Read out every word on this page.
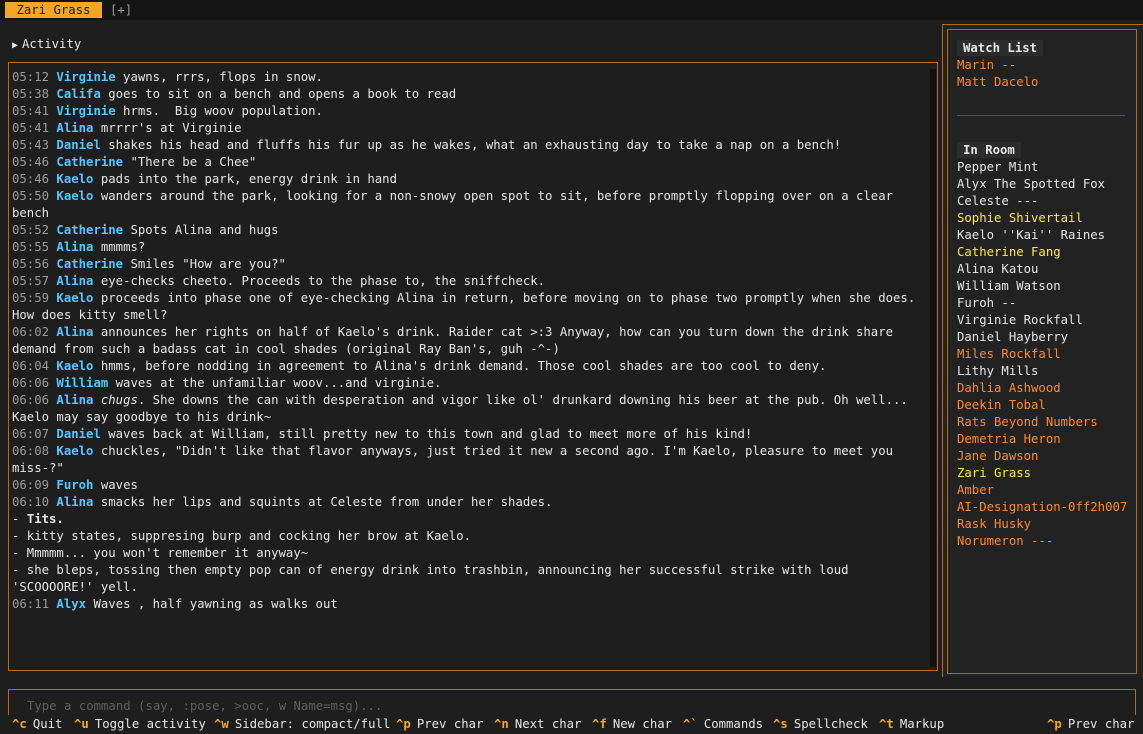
Zari Grass	[+]
▶ Activity
05:12 Virginie yawns, rrrs, flops in snow.
05:38 Califa goes to sit on a bench and opens a book to read
05:41 Virginie hrms.  Big woov population.
05:41 Alina mrrrr's at Virginie
05:43 Daniel shakes his head and fluffs his fur up as he wakes, what an exhausting day to take a nap on a bench!
05:46 Catherine "There be a Chee"
05:46 Kaelo pads into the park, energy drink in hand
05:50 Kaelo wanders around the park, looking for a non-snowy open spot to sit, before promptly flopping over on a clear bench
05:52 Catherine Spots Alina and hugs
05:55 Alina mmmms?
05:56 Catherine Smiles "How are you?"
05:57 Alina eye-checks cheeto. Proceeds to the phase to, the sniffcheck.
05:59 Kaelo proceeds into phase one of eye-checking Alina in return, before moving on to phase two promptly when she does. How does kitty smell?
06:02 Alina announces her rights on half of Kaelo's drink. Raider cat >:3 Anyway, how can you turn down the drink share demand from such a badass cat in cool shades (original Ray Ban's, guh -^-)
06:04 Kaelo hmms, before nodding in agreement to Alina's drink demand. Those cool shades are too cool to deny.
06:06 William waves at the unfamiliar woov...and virginie.
06:06 Alina chugs. She downs the can with desperation and vigor like ol' drunkard downing his beer at the pub. Oh well... Kaelo may say goodbye to his drink~
06:07 Daniel waves back at William, still pretty new to this town and glad to meet more of his kind!
06:08 Kaelo chuckles, "Didn't like that flavor anyways, just tried it new a second ago. I'm Kaelo, pleasure to meet you miss-?"
06:09 Furoh waves
06:10 Alina smacks her lips and squints at Celeste from under her shades.
- Tits.
- kitty states, suppresing burp and cocking her brow at Kaelo.
- Mmmmm... you won't remember it anyway~
- she bleps, tossing then empty pop can of energy drink into trashbin, announcing her successful strike with loud 'SCOOOORE!' yell.
06:11 Alyx Waves , half yawning as walks out
Watch List
Marin --
Matt Dacelo
In Room
Pepper Mint
Alyx The Spotted Fox
Celeste ---
Sophie Shivertail
Kaelo ''Kai'' Raines
Catherine Fang
Alina Katou
William Watson
Furoh --
Virginie Rockfall
Daniel Hayberry
Miles Rockfall
Lithy Mills
Dahlia Ashwood
Deekin Tobal
Rats Beyond Numbers
Demetria Heron
Jane Dawson
Zari Grass
Amber
AI-Designation-0ff2h007
Rask Husky
Norumeron ---
Type a command (say, :pose, >ooc, w Name=msg)...
^c Quit ^u Toggle activity ^w Sidebar: compact/full ^p Prev char ^n Next char ^f New char ^` Commands ^s Spellcheck ^t Markup	^p Prev char
